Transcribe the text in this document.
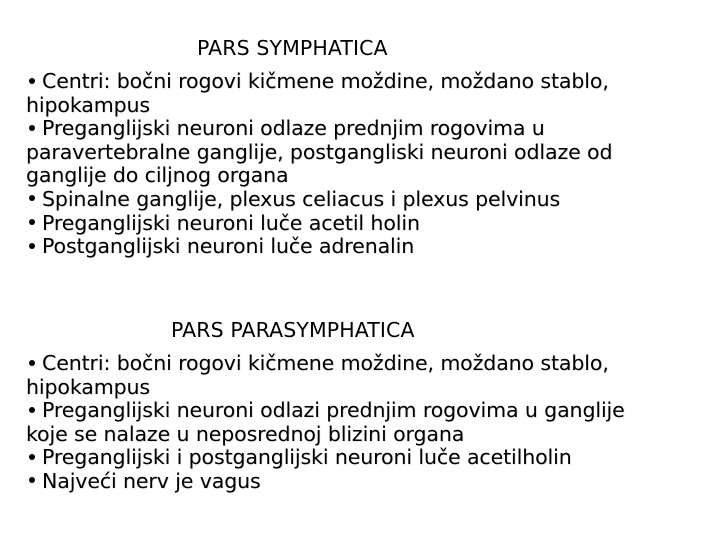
PARS SYMPHATICA
Centri: bočni rogovi kičmene moždine, moždano stablo, hipokampus
Preganglijski neuroni odlaze prednjim rogovima u paravertebralne ganglije, postgangliski neuroni odlaze od ganglije do ciljnog organa
Spinalne ganglije, plexus celiacus i plexus pelvinus
Preganglijski neuroni luče acetil holin
Postganglijski neuroni luče adrenalin
PARS PARASYMPHATICA
Centri: bočni rogovi kičmene moždine, moždano stablo, hipokampus
Preganglijski neuroni odlazi prednjim rogovima u ganglije koje se nalaze u neposrednoj blizini organa
Preganglijski i postganglijski neuroni luče acetilholin
Najveći nerv je vagus
